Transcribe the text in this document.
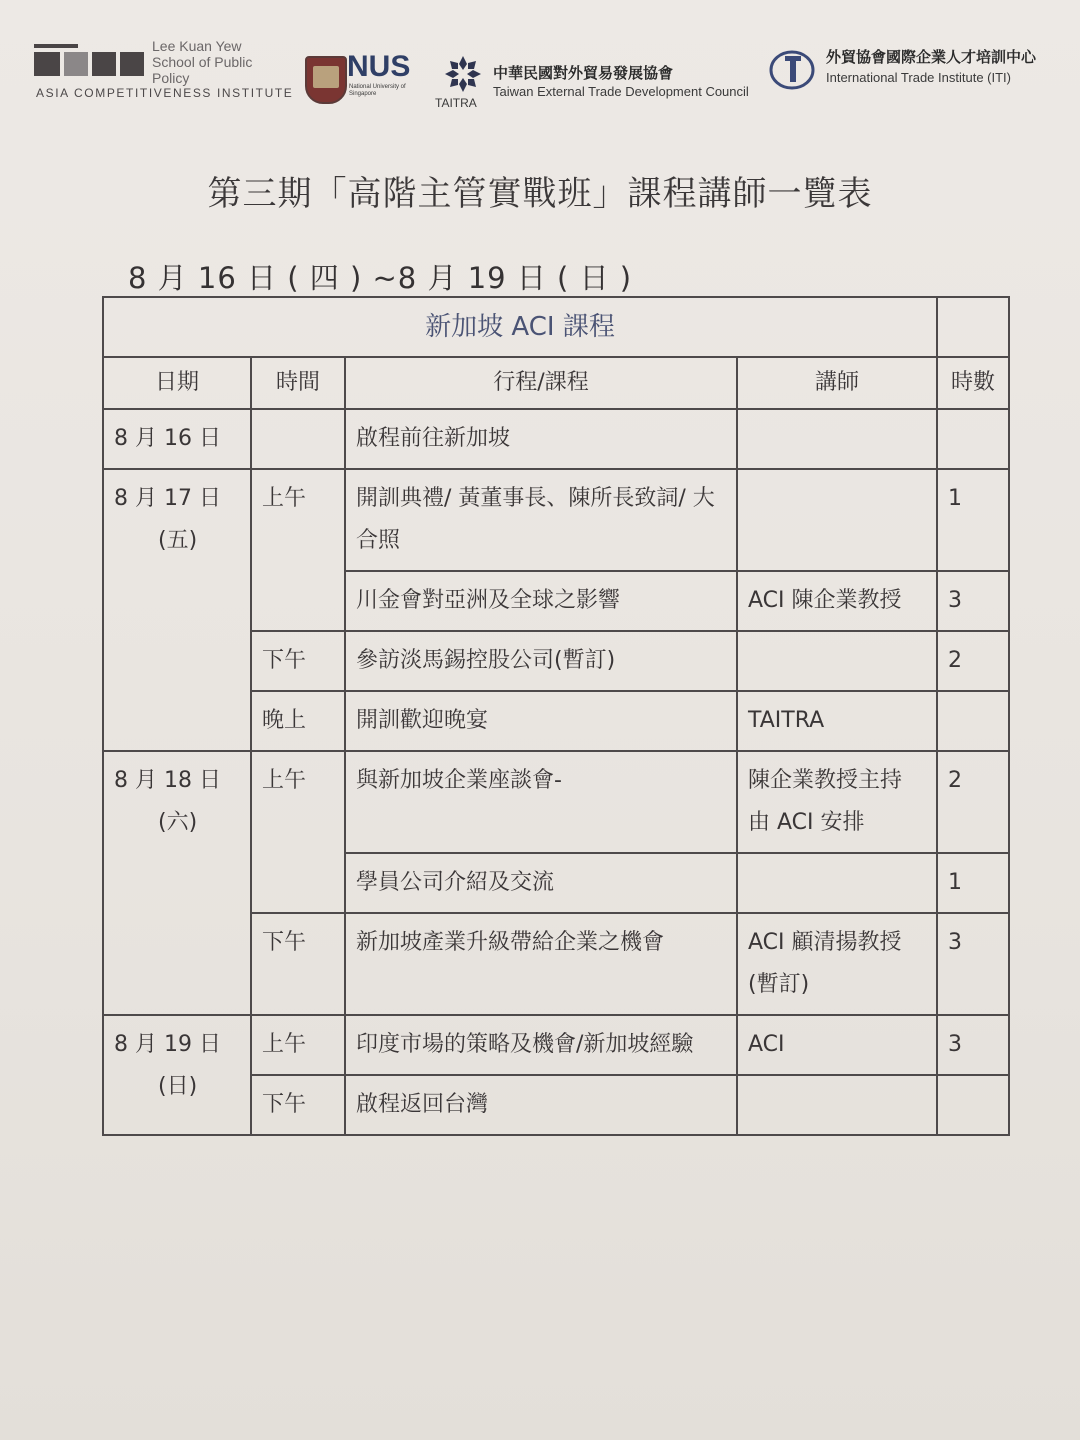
Lee Kuan Yew
School of Public Policy
ASIA COMPETITIVENESS INSTITUTE
NUS
National University of Singapore
TAITRA
中華民國對外貿易發展協會
Taiwan External Trade Development Council
外貿協會國際企業人才培訓中心
International Trade Institute (ITI)
第三期「高階主管實戰班」課程講師一覽表
8 月 16 日 ( 四 ) ~8 月 19 日 ( 日 )
新加坡 ACI 課程				
日期	時間	行程/課程	講師	時數
8 月 16 日		啟程前往新加坡		

8 月 17 日
(五)	上午	開訓典禮/ 黃董事長、陳所長致詞/ 大合照		1
		川金會對亞洲及全球之影響	ACI 陳企業教授	3
	下午	參訪淡馬錫控股公司(暫訂)		2
	晚上	開訓歡迎晚宴	TAITRA	

8 月 18 日
(六)	上午	與新加坡企業座談會-	陳企業教授主持 由 ACI 安排	2
		學員公司介紹及交流		1
	下午	新加坡產業升級帶給企業之機會	ACI 顧清揚教授 (暫訂)	3

8 月 19 日
(日)	上午	印度市場的策略及機會/新加坡經驗	ACI	3
	下午	啟程返回台灣		
